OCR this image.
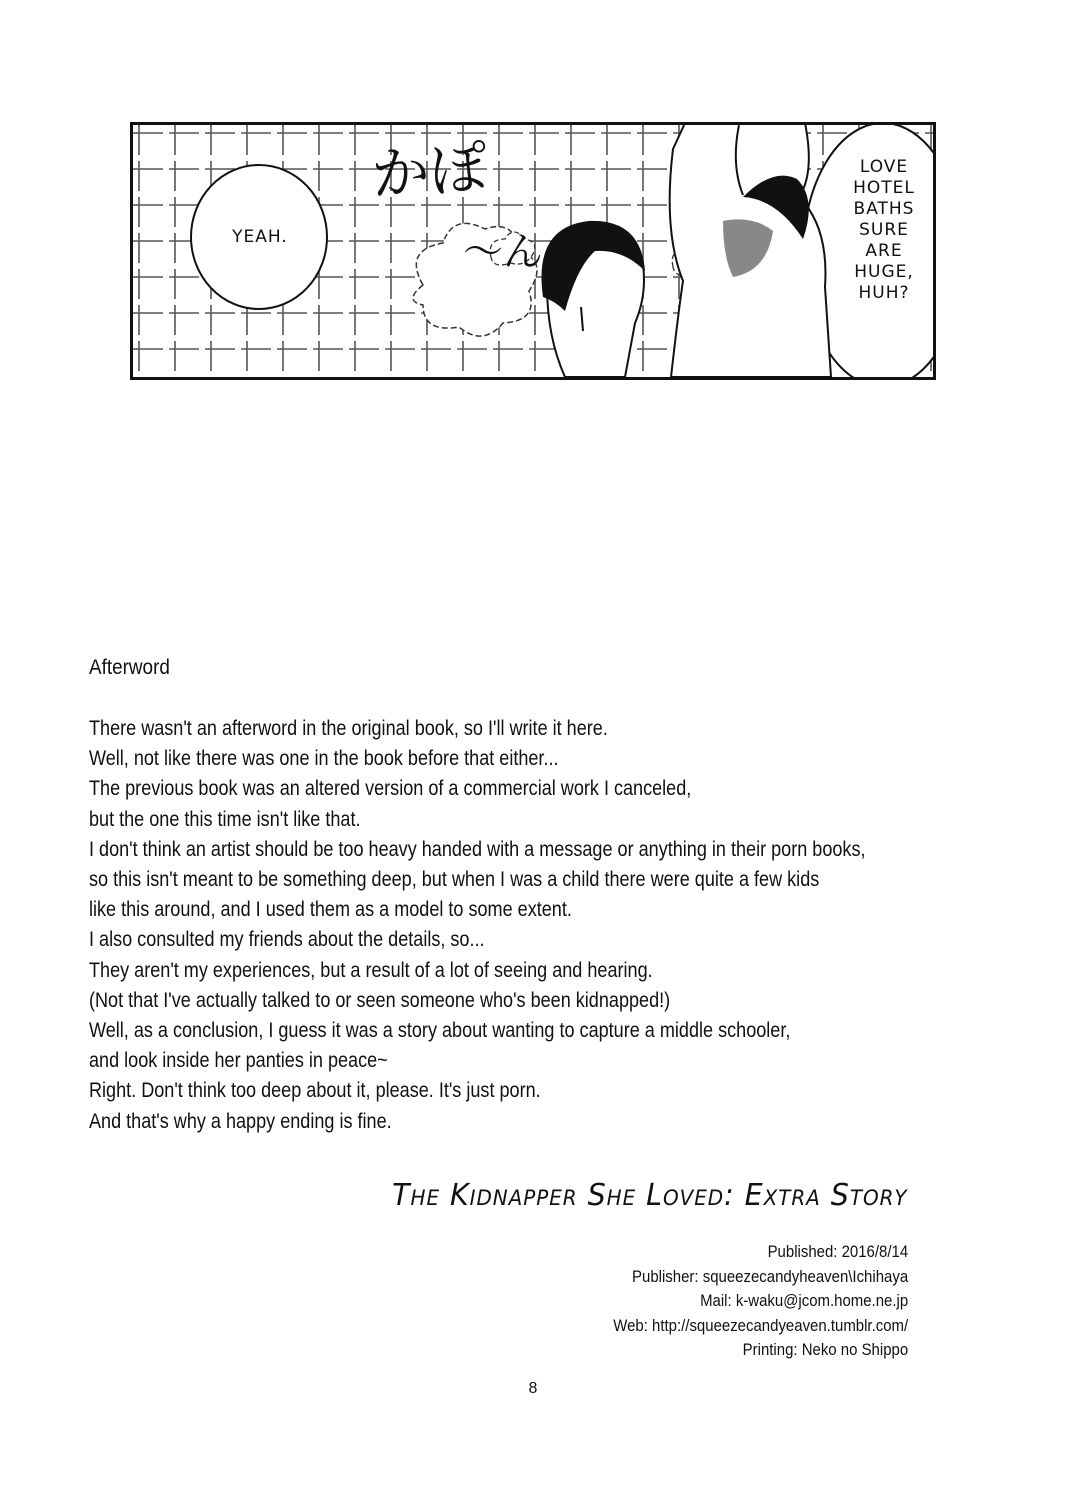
かぽ
〜ん
YEAH.
LOVE
HOTEL
BATHS
SURE
ARE
HUGE,
HUH?
Afterword
There wasn't an afterword in the original book, so I'll write it here.
Well, not like there was one in the book before that either...
The previous book was an altered version of a commercial work I canceled,
but the one this time isn't like that.
I don't think an artist should be too heavy handed with a message or anything in their porn books,
so this isn't meant to be something deep, but when I was a child there were quite a few kids
like this around, and I used them as a model to some extent.
I also consulted my friends about the details, so...
They aren't my experiences, but a result of a lot of seeing and hearing.
(Not that I've actually talked to or seen someone who's been kidnapped!)
Well, as a conclusion, I guess it was a story about wanting to capture a middle schooler,
and look inside her panties in peace~
Right. Don't think too deep about it, please. It's just porn.
And that's why a happy ending is fine.
The Kidnapper She Loved: Extra Story
Published: 2016/8/14
Publisher: squeezecandyheaven\Ichihaya
Mail: k-waku@jcom.home.ne.jp
Web: http://squeezecandyeaven.tumblr.com/
Printing: Neko no Shippo
8
